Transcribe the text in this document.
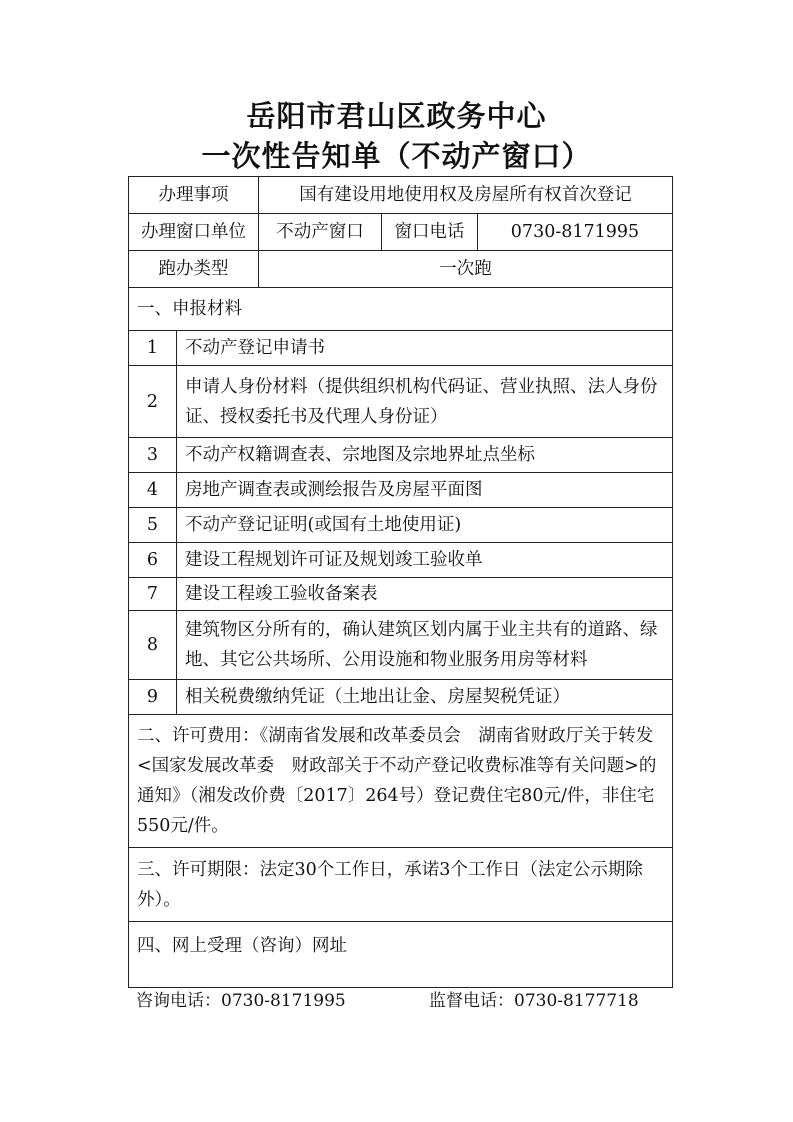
岳阳市君山区政务中心
一次性告知单（不动产窗口）
办理事项		国有建设用地使用权及房屋所有权首次登记		
办理窗口单位		不动产窗口	窗口电话	0730-8171995
跑办类型		一次跑		
一、申报材料				
1	不动产登记申请书			
2	申请人身份材料（提供组织机构代码证、营业执照、法人身份证、授权委托书及代理人身份证）			
3	不动产权籍调查表、宗地图及宗地界址点坐标			
4	房地产调查表或测绘报告及房屋平面图			
5	不动产登记证明(或国有土地使用证)			
6	建设工程规划许可证及规划竣工验收单			
7	建设工程竣工验收备案表			
8	建筑物区分所有的，确认建筑区划内属于业主共有的道路、绿地、其它公共场所、公用设施和物业服务用房等材料			
9	相关税费缴纳凭证（土地出让金、房屋契税凭证）			
二、许可费用：《湖南省发展和改革委员会　湖南省财政厅关于转发<国家发展改革委　财政部关于不动产登记收费标准等有关问题>的通知》（湘发改价费〔2017〕264号）登记费住宅80元/件，非住宅550元/件。				
三、许可期限：法定30个工作日，承诺3个工作日（法定公示期除外）。				
四、网上受理（咨询）网址				
咨询电话：0730-8171995	监督电话：0730-8177718
